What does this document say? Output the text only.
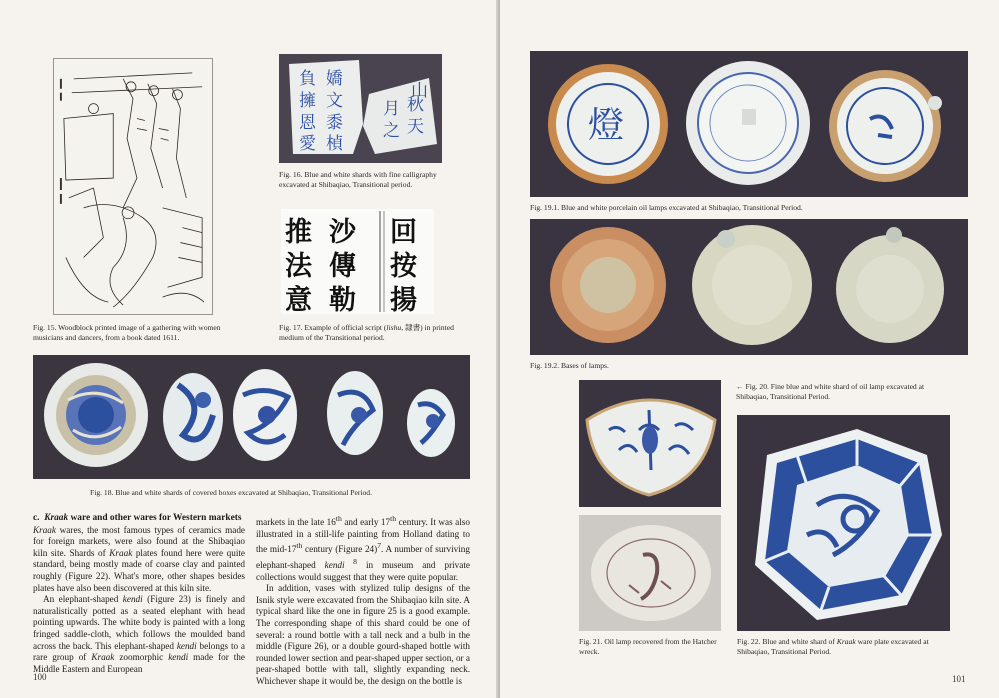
Fig. 15. Woodblock printed image of a gathering with women musicians and dancers, from a book dated 1611.
負
擁
恩
愛
嬌
文
黍
楨
月
之
秋
天
山
Fig. 16. Blue and white shards with fine calligraphy excavated at Shibaqiao, Transitional period.
推 沙 回
法 傳 按
意 勒 揚
Fig. 17. Example of official script (lishu, 隸書) in printed medium of the Transitional period.
Fig. 18. Blue and white shards of covered boxes excavated at Shibaqiao, Transitional Period.

c. Kraak ware and other wares for Western markets

Kraak wares, the most famous types of ceramics made for foreign markets, were also found at the Shibaqiao kiln site. Shards of Kraak plates found here were quite standard, being mostly made of coarse clay and painted roughly (Figure 22). What's more, other shapes besides plates have also been discovered at this kiln site.

An elephant-shaped kendi (Figure 23) is finely and naturalistically potted as a seated elephant with head pointing upwards. The white body is painted with a long fringed saddle-cloth, which follows the moulded band across the back. This elephant-shaped kendi belongs to a rare group of Kraak zoomorphic kendi made for the Middle Eastern and European

markets in the late 16th and early 17th century. It was also illustrated in a still-life painting from Holland dating to the mid-17th century (Figure 24)$^7$. A number of surviving elephant-shaped kendi $^8$ in museum and private collections would suggest that they were quite popular.

In addition, vases with stylized tulip designs of the Isnik style were excavated from the Shibaqiao kiln site. A typical shard like the one in figure 25 is a good example. The corresponding shape of this shard could be one of several: a round bottle with a tall neck and a bulb in the middle (Figure 26), or a double gourd-shaped bottle with rounded lower section and pear-shaped upper section, or a pear-shaped bottle with tall, slightly expanding neck. Whichever shape it would be, the design on the bottle is

100
燈
Fig. 19.1. Blue and white porcelain oil lamps excavated at Shibaqiao, Transitional Period.
Fig. 19.2. Bases of lamps.
← Fig. 20. Fine blue and white shard of oil lamp excavated at Shibaqiao, Transitional Period.
Fig. 21. Oil lamp recovered from the Hatcher wreck.
Fig. 22. Blue and white shard of Kraak ware plate excavated at Shibaqiao, Transitional Period.
101
